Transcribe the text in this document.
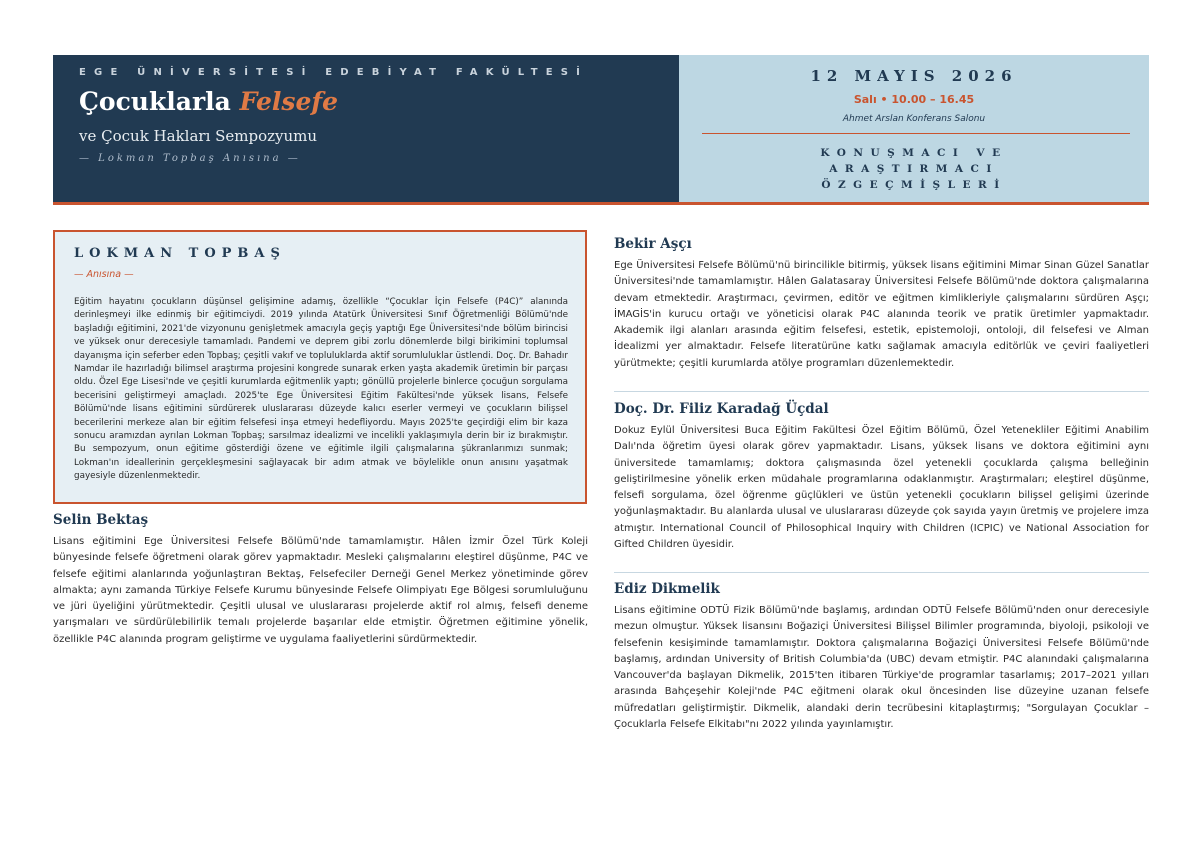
EGE ÜNİVERSİTESİ EDEBİYAT FAKÜLTESİ
Çocuklarla Felsefe
ve Çocuk Hakları Sempozyumu
— Lokman Topbaş Anısına —
12 MAYIS 2026
Salı • 10.00 – 16.45
Ahmet Arslan Konferans Salonu
KONUŞMACI VE
ARAŞTIRMACI
ÖZGEÇMİŞLERİ
LOKMAN TOPBAŞ
— Anısına —
Eğitim hayatını çocukların düşünsel gelişimine adamış, özellikle “Çocuklar İçin Felsefe (P4C)” alanında derinleşmeyi ilke edinmiş bir eğitimciydi. 2019 yılında Atatürk Üniversitesi Sınıf Öğretmenliği Bölümü'nde başladığı eğitimini, 2021'de vizyonunu genişletmek amacıyla geçiş yaptığı Ege Üniversitesi'nde bölüm birincisi ve yüksek onur derecesiyle tamamladı. Pandemi ve deprem gibi zorlu dönemlerde bilgi birikimini toplumsal dayanışma için seferber eden Topbaş; çeşitli vakıf ve topluluklarda aktif sorumluluklar üstlendi. Doç. Dr. Bahadır Namdar ile hazırladığı bilimsel araştırma projesini kongrede sunarak erken yaşta akademik üretimin bir parçası oldu. Özel Ege Lisesi'nde ve çeşitli kurumlarda eğitmenlik yaptı; gönüllü projelerle binlerce çocuğun sorgulama becerisini geliştirmeyi amaçladı. 2025'te Ege Üniversitesi Eğitim Fakültesi'nde yüksek lisans, Felsefe Bölümü'nde lisans eğitimini sürdürerek uluslararası düzeyde kalıcı eserler vermeyi ve çocukların bilişsel becerilerini merkeze alan bir eğitim felsefesi inşa etmeyi hedefliyordu. Mayıs 2025'te geçirdiği elim bir kaza sonucu aramızdan ayrılan Lokman Topbaş; sarsılmaz idealizmi ve incelikli yaklaşımıyla derin bir iz bırakmıştır. Bu sempozyum, onun eğitime gösterdiği özene ve eğitimle ilgili çalışmalarına şükranlarımızı sunmak; Lokman'ın ideallerinin gerçekleşmesini sağlayacak bir adım atmak ve böylelikle onun anısını yaşatmak gayesiyle düzenlenmektedir.
Selin Bektaş
Lisans eğitimini Ege Üniversitesi Felsefe Bölümü'nde tamamlamıştır. Hâlen İzmir Özel Türk Koleji bünyesinde felsefe öğretmeni olarak görev yapmaktadır. Mesleki çalışmalarını eleştirel düşünme, P4C ve felsefe eğitimi alanlarında yoğunlaştıran Bektaş, Felsefeciler Derneği Genel Merkez yönetiminde görev almakta; aynı zamanda Türkiye Felsefe Kurumu bünyesinde Felsefe Olimpiyatı Ege Bölgesi sorumluluğunu ve jüri üyeliğini yürütmektedir. Çeşitli ulusal ve uluslararası projelerde aktif rol almış, felsefi deneme yarışmaları ve sürdürülebilirlik temalı projelerde başarılar elde etmiştir. Öğretmen eğitimine yönelik, özellikle P4C alanında program geliştirme ve uygulama faaliyetlerini sürdürmektedir.
Bekir Aşçı
Ege Üniversitesi Felsefe Bölümü'nü birincilikle bitirmiş, yüksek lisans eğitimini Mimar Sinan Güzel Sanatlar Üniversitesi'nde tamamlamıştır. Hâlen Galatasaray Üniversitesi Felsefe Bölümü'nde doktora çalışmalarına devam etmektedir. Araştırmacı, çevirmen, editör ve eğitmen kimlikleriyle çalışmalarını sürdüren Aşçı; İMAGİS'in kurucu ortağı ve yöneticisi olarak P4C alanında teorik ve pratik üretimler yapmaktadır. Akademik ilgi alanları arasında eğitim felsefesi, estetik, epistemoloji, ontoloji, dil felsefesi ve Alman İdealizmi yer almaktadır. Felsefe literatürüne katkı sağlamak amacıyla editörlük ve çeviri faaliyetleri yürütmekte; çeşitli kurumlarda atölye programları düzenlemektedir.
Doç. Dr. Filiz Karadağ Üçdal
Dokuz Eylül Üniversitesi Buca Eğitim Fakültesi Özel Eğitim Bölümü, Özel Yetenekliler Eğitimi Anabilim Dalı'nda öğretim üyesi olarak görev yapmaktadır. Lisans, yüksek lisans ve doktora eğitimini aynı üniversitede tamamlamış; doktora çalışmasında özel yetenekli çocuklarda çalışma belleğinin geliştirilmesine yönelik erken müdahale programlarına odaklanmıştır. Araştırmaları; eleştirel düşünme, felsefi sorgulama, özel öğrenme güçlükleri ve üstün yetenekli çocukların bilişsel gelişimi üzerinde yoğunlaşmaktadır. Bu alanlarda ulusal ve uluslararası düzeyde çok sayıda yayın üretmiş ve projelere imza atmıştır. International Council of Philosophical Inquiry with Children (ICPIC) ve National Association for Gifted Children üyesidir.
Ediz Dikmelik
Lisans eğitimine ODTÜ Fizik Bölümü'nde başlamış, ardından ODTÜ Felsefe Bölümü'nden onur derecesiyle mezun olmuştur. Yüksek lisansını Boğaziçi Üniversitesi Bilişsel Bilimler programında, biyoloji, psikoloji ve felsefenin kesişiminde tamamlamıştır. Doktora çalışmalarına Boğaziçi Üniversitesi Felsefe Bölümü'nde başlamış, ardından University of British Columbia'da (UBC) devam etmiştir. P4C alanındaki çalışmalarına Vancouver'da başlayan Dikmelik, 2015'ten itibaren Türkiye'de programlar tasarlamış; 2017–2021 yılları arasında Bahçeşehir Koleji'nde P4C eğitmeni olarak okul öncesinden lise düzeyine uzanan felsefe müfredatları geliştirmiştir. Dikmelik, alandaki derin tecrübesini kitaplaştırmış; "Sorgulayan Çocuklar – Çocuklarla Felsefe Elkitabı"nı 2022 yılında yayınlamıştır.
